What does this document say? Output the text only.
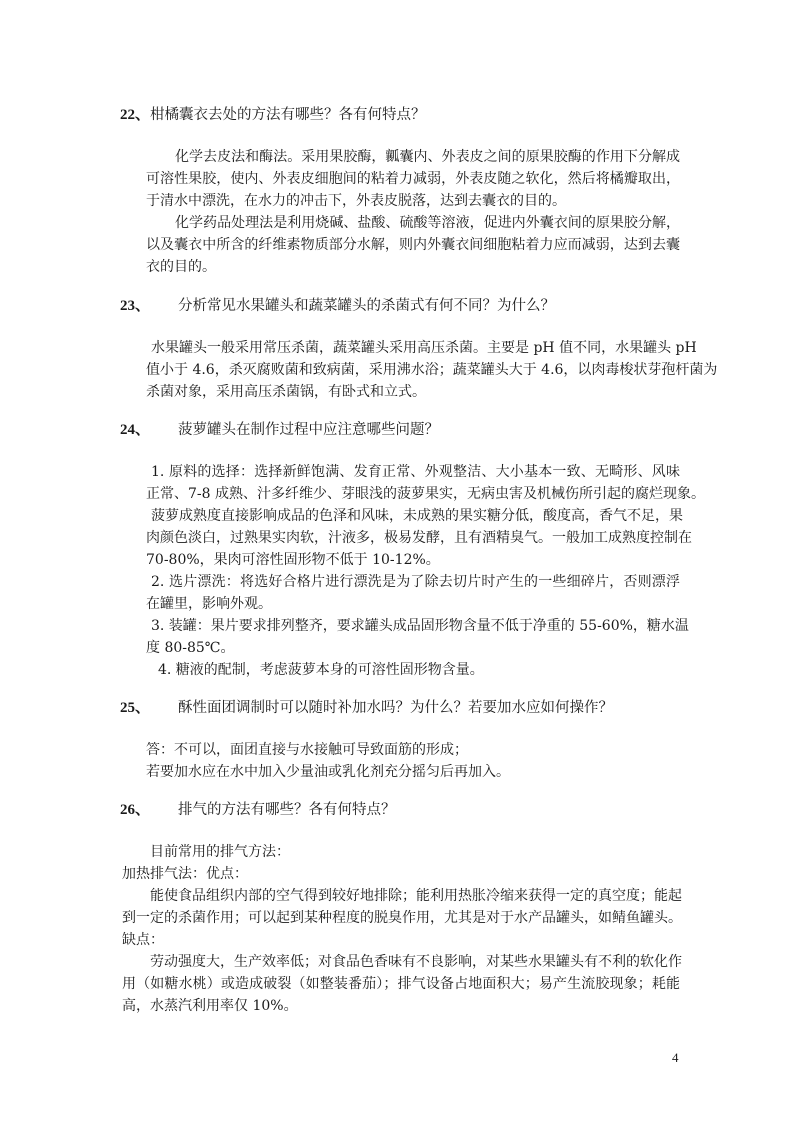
22、柑橘囊衣去处的方法有哪些？各有何特点？
化学去皮法和酶法。采用果胶酶，瓤囊内、外表皮之间的原果胶酶的作用下分解成
可溶性果胶，使内、外表皮细胞间的粘着力减弱，外表皮随之软化，然后将橘瓣取出，
于清水中漂洗，在水力的冲击下，外表皮脱落，达到去囊衣的目的。
化学药品处理法是利用烧碱、盐酸、硫酸等溶液，促进内外囊衣间的原果胶分解，
以及囊衣中所含的纤维素物质部分水解，则内外囊衣间细胞粘着力应而减弱，达到去囊
衣的目的。
23、 分析常见水果罐头和蔬菜罐头的杀菌式有何不同？为什么？
水果罐头一般采用常压杀菌，蔬菜罐头采用高压杀菌。主要是 pH 值不同，水果罐头 pH
值小于 4.6，杀灭腐败菌和致病菌，采用沸水浴；蔬菜罐头大于 4.6，以肉毒梭状芽孢杆菌为
杀菌对象，采用高压杀菌锅，有卧式和立式。
24、 菠萝罐头在制作过程中应注意哪些问题？
1. 原料的选择：选择新鲜饱满、发育正常、外观整洁、大小基本一致、无畸形、风味
正常、7-8 成熟、汁多纤维少、芽眼浅的菠萝果实，无病虫害及机械伤所引起的腐烂现象。
菠萝成熟度直接影响成品的色泽和风味，未成熟的果实糖分低，酸度高，香气不足，果
肉颜色淡白，过熟果实肉软，汁液多，极易发酵，且有酒精臭气。一般加工成熟度控制在
70-80%，果肉可溶性固形物不低于 10-12%。
2. 选片漂洗：将选好合格片进行漂洗是为了除去切片时产生的一些细碎片，否则漂浮
在罐里，影响外观。
3. 装罐：果片要求排列整齐，要求罐头成品固形物含量不低于净重的 55-60%，糖水温
度 80-85℃。
4. 糖液的配制，考虑菠萝本身的可溶性固形物含量。
25、 酥性面团调制时可以随时补加水吗？为什么？若要加水应如何操作？
答：不可以，面团直接与水接触可导致面筋的形成；
若要加水应在水中加入少量油或乳化剂充分摇匀后再加入。
26、 排气的方法有哪些？各有何特点？
目前常用的排气方法：
加热排气法：优点：
能使食品组织内部的空气得到较好地排除；能利用热胀冷缩来获得一定的真空度；能起
到一定的杀菌作用；可以起到某种程度的脱臭作用，尤其是对于水产品罐头，如鲭鱼罐头。
缺点：
劳动强度大，生产效率低；对食品色香味有不良影响，对某些水果罐头有不利的软化作
用（如糖水桃）或造成破裂（如整装番茄）；排气设备占地面积大；易产生流胶现象；耗能
高，水蒸汽利用率仅 10%。
4
